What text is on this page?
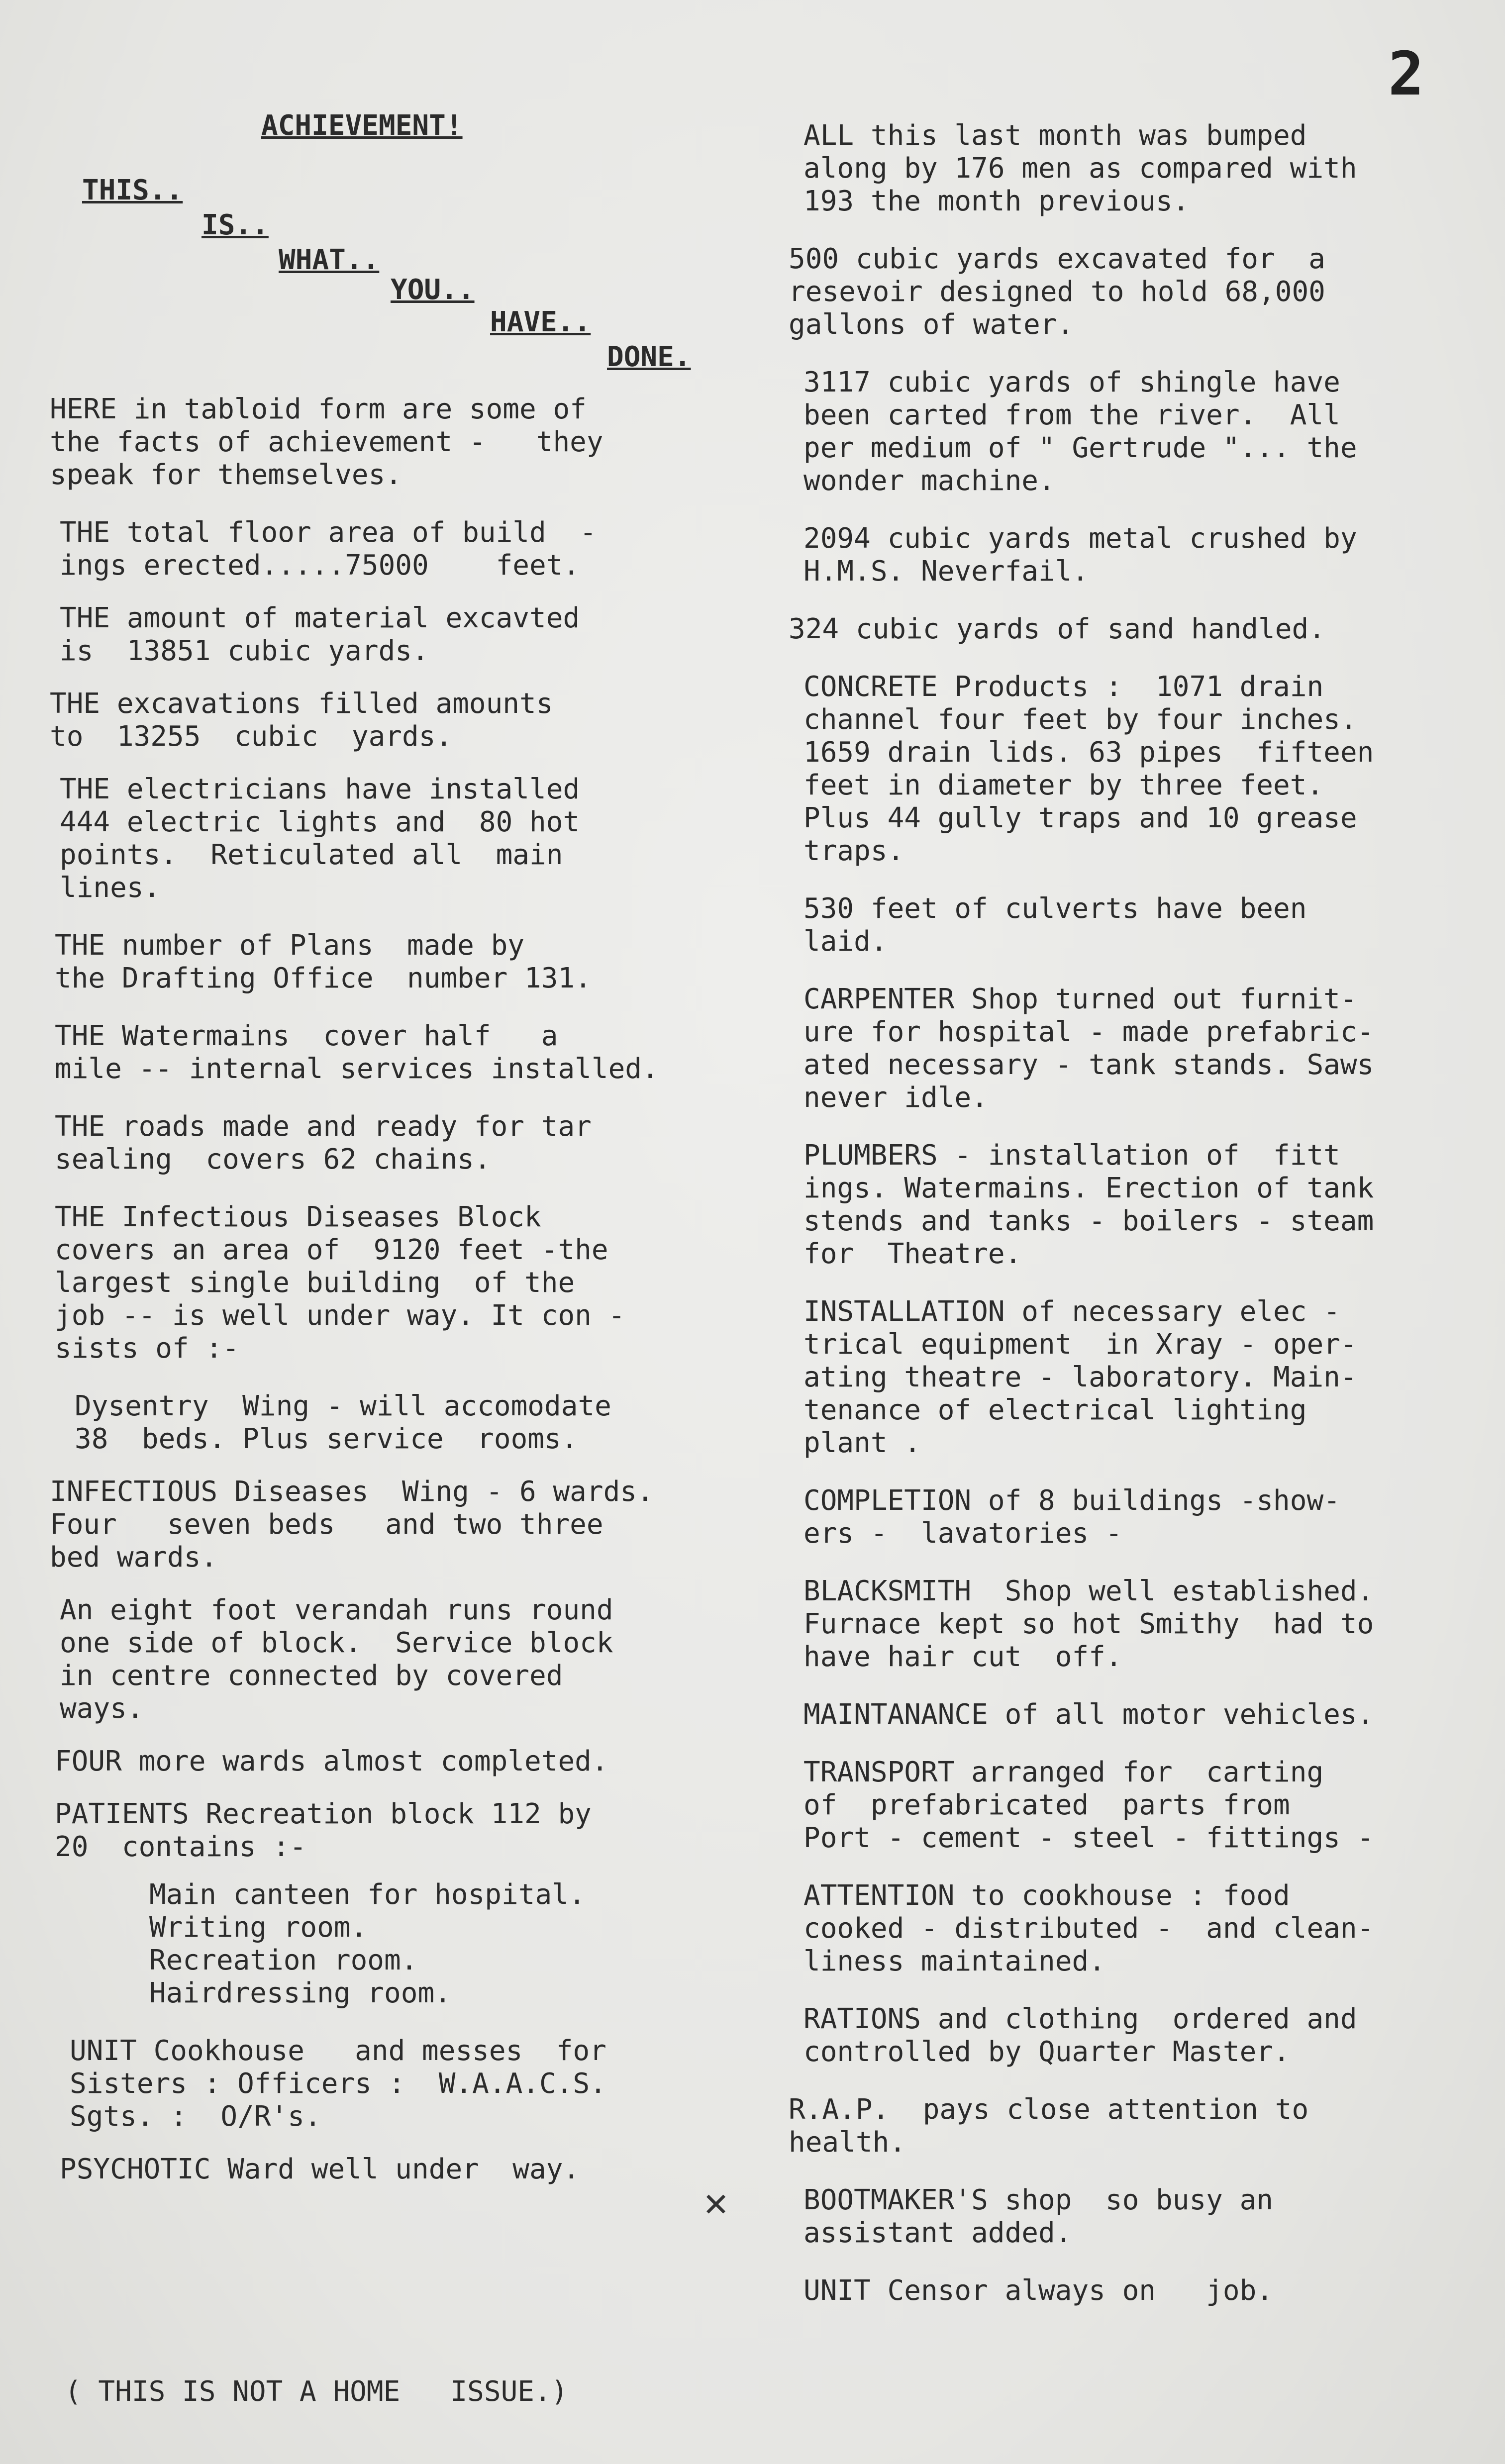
2
ACHIEVEMENT!
THIS..
IS..
WHAT..
YOU..
HAVE..
DONE.

HERE in tabloid form are some of
the facts of achievement -   they
speak for themselves.

THE total floor area of build  -
ings erected.....75000    feet.

THE amount of material excavted
is  13851 cubic yards.

THE excavations filled amounts
to  13255  cubic  yards.

THE electricians have installed
444 electric lights and  80 hot
points.  Reticulated all  main
lines.

THE number of Plans  made by
the Drafting Office  number 131.

THE Watermains  cover half   a
mile -- internal services installed.

THE roads made and ready for tar
sealing  covers 62 chains.

THE Infectious Diseases Block
covers an area of  9120 feet -the
largest single building  of the
job -- is well under way. It con -
sists of :-

Dysentry  Wing - will accomodate
38  beds. Plus service  rooms.

INFECTIOUS Diseases  Wing - 6 wards.
Four   seven beds   and two three
bed wards.

An eight foot verandah runs round
one side of block.  Service block
in centre connected by covered
ways.

FOUR more wards almost completed.

PATIENTS Recreation block 112 by
20  contains :-

Main canteen for hospital.

Writing room.

Recreation room.

Hairdressing room.

UNIT Cookhouse   and messes  for
Sisters : Officers :  W.A.A.C.S.
Sgts. :  O/R's.

PSYCHOTIC Ward well under  way.

( THIS IS NOT A HOME   ISSUE.)

ALL this last month was bumped
along by 176 men as compared with
193 the month previous.

500 cubic yards excavated for  a
resevoir designed to hold 68,000
gallons of water.

3117 cubic yards of shingle have
been carted from the river.  All
per medium of " Gertrude "... the
wonder machine.

2094 cubic yards metal crushed by
H.M.S. Neverfail.

324 cubic yards of sand handled.

CONCRETE Products :  1071 drain
channel four feet by four inches.
1659 drain lids. 63 pipes  fifteen
feet in diameter by three feet.
Plus 44 gully traps and 10 grease
traps.

530 feet of culverts have been
laid.

CARPENTER Shop turned out furnit-
ure for hospital - made prefabric-
ated necessary - tank stands. Saws
never idle.

PLUMBERS - installation of  fitt
ings. Watermains. Erection of tank
stends and tanks - boilers - steam
for  Theatre.

INSTALLATION of necessary elec -
trical equipment  in Xray - oper-
ating theatre - laboratory. Main-
tenance of electrical lighting
plant .

COMPLETION of 8 buildings -show-
ers -  lavatories -

BLACKSMITH  Shop well established.
Furnace kept so hot Smithy  had to
have hair cut  off.

MAINTANANCE of all motor vehicles.

TRANSPORT arranged for  carting
of  prefabricated  parts from
Port - cement - steel - fittings -

ATTENTION to cookhouse : food
cooked - distributed -  and clean-
liness maintained.

RATIONS and clothing  ordered and
controlled by Quarter Master.

R.A.P.  pays close attention to
health.

BOOTMAKER'S shop  so busy an
assistant added.

UNIT Censor always on   job.

✕
